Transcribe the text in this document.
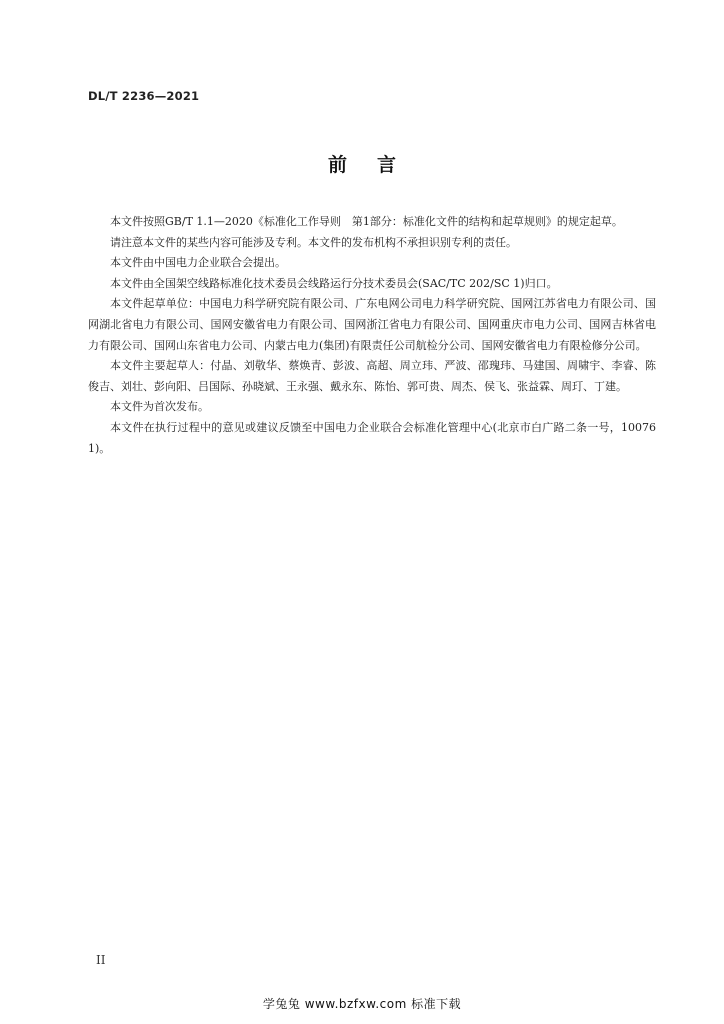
DL/T 2236—2021
前言

本文件按照GB/T 1.1—2020《标准化工作导则　第1部分：标准化文件的结构和起草规则》的规定起草。

请注意本文件的某些内容可能涉及专利。本文件的发布机构不承担识别专利的责任。

本文件由中国电力企业联合会提出。

本文件由全国架空线路标准化技术委员会线路运行分技术委员会(SAC/TC 202/SC 1)归口。

本文件起草单位：中国电力科学研究院有限公司、广东电网公司电力科学研究院、国网江苏省电力有限公司、国网湖北省电力有限公司、国网安徽省电力有限公司、国网浙江省电力有限公司、国网重庆市电力公司、国网吉林省电力有限公司、国网山东省电力公司、内蒙古电力(集团)有限责任公司航检分公司、国网安徽省电力有限检修分公司。

本文件主要起草人：付晶、刘敬华、蔡焕青、彭波、高超、周立玮、严波、邵瑰玮、马建国、周啸宇、李睿、陈俊吉、刘壮、彭向阳、吕国际、孙晓斌、王永强、戴永东、陈怡、郭可贵、周杰、侯飞、张益霖、周玎、丁建。

本文件为首次发布。

本文件在执行过程中的意见或建议反馈至中国电力企业联合会标准化管理中心(北京市白广路二条一号，100761)。

II
学兔兔 www.bzfxw.com 标准下载
